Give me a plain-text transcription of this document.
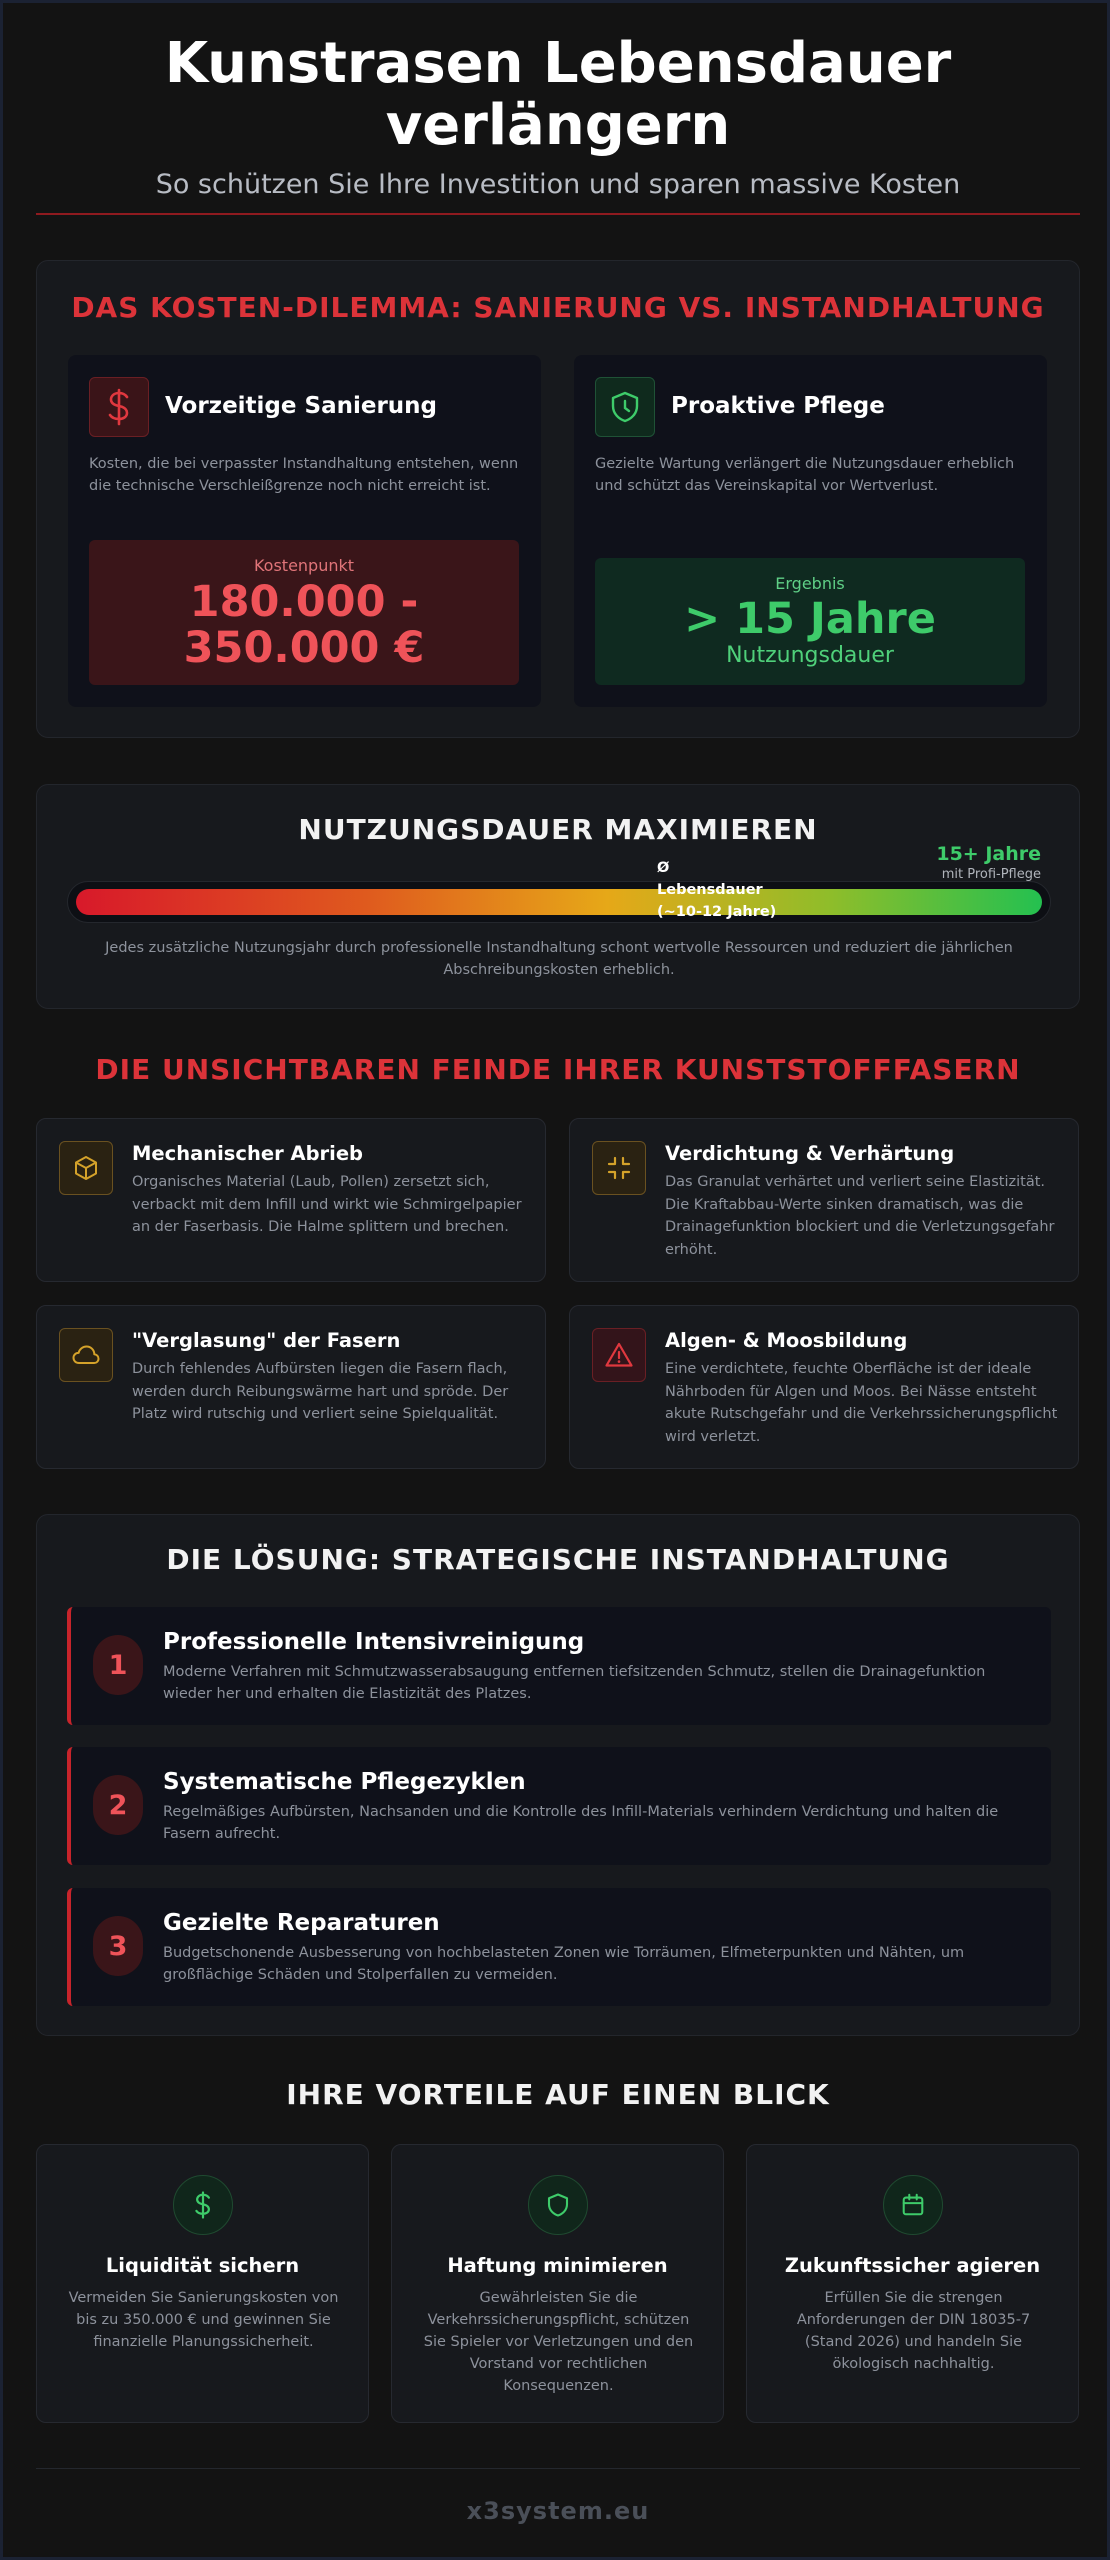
Kunstrasen Lebensdauer verlängern
So schützen Sie Ihre Investition und sparen massive Kosten
DAS KOSTEN-DILEMMA: SANIERUNG VS. INSTANDHALTUNG
Vorzeitige Sanierung
Kosten, die bei verpasster Instandhaltung entstehen, wenn die technische Verschleißgrenze noch nicht erreicht ist.
Kostenpunkt
180.000 - 350.000 €
Proaktive Pflege
Gezielte Wartung verlängert die Nutzungsdauer erheblich und schützt das Vereinskapital vor Wertverlust.
Ergebnis
> 15 Jahre
Nutzungsdauer
NUTZUNGSDAUER MAXIMIEREN
Ø Lebensdauer (~10-12 Jahre)
15+ Jahre
mit Profi-Pflege
Jedes zusätzliche Nutzungsjahr durch professionelle Instandhaltung schont wertvolle Ressourcen und reduziert die jährlichen Abschreibungskosten erheblich.
DIE UNSICHTBAREN FEINDE IHRER KUNSTSTOFFFASERN
Mechanischer Abrieb
Organisches Material (Laub, Pollen) zersetzt sich, verbackt mit dem Infill und wirkt wie Schmirgelpapier an der Faserbasis. Die Halme splittern und brechen.
Verdichtung & Verhärtung
Das Granulat verhärtet und verliert seine Elastizität. Die Kraftabbau-Werte sinken dramatisch, was die Drainagefunktion blockiert und die Verletzungsgefahr erhöht.
"Verglasung" der Fasern
Durch fehlendes Aufbürsten liegen die Fasern flach, werden durch Reibungswärme hart und spröde. Der Platz wird rutschig und verliert seine Spielqualität.
Algen- & Moosbildung
Eine verdichtete, feuchte Oberfläche ist der ideale Nährboden für Algen und Moos. Bei Nässe entsteht akute Rutschgefahr und die Verkehrssicherungspflicht wird verletzt.
DIE LÖSUNG: STRATEGISCHE INSTANDHALTUNG
1
Professionelle Intensivreinigung
Moderne Verfahren mit Schmutzwasserabsaugung entfernen tiefsitzenden Schmutz, stellen die Drainagefunktion wieder her und erhalten die Elastizität des Platzes.
2
Systematische Pflegezyklen
Regelmäßiges Aufbürsten, Nachsanden und die Kontrolle des Infill-Materials verhindern Verdichtung und halten die Fasern aufrecht.
3
Gezielte Reparaturen
Budgetschonende Ausbesserung von hochbelasteten Zonen wie Torräumen, Elfmeterpunkten und Nähten, um großflächige Schäden und Stolperfallen zu vermeiden.
IHRE VORTEILE AUF EINEN BLICK
Liquidität sichern
Vermeiden Sie Sanierungskosten von bis zu 350.000 € und gewinnen Sie finanzielle Planungssicherheit.
Haftung minimieren
Gewährleisten Sie die Verkehrssicherungspflicht, schützen Sie Spieler vor Verletzungen und den Vorstand vor rechtlichen Konsequenzen.
Zukunftssicher agieren
Erfüllen Sie die strengen Anforderungen der DIN 18035-7 (Stand 2026) und handeln Sie ökologisch nachhaltig.
x3system.eu
